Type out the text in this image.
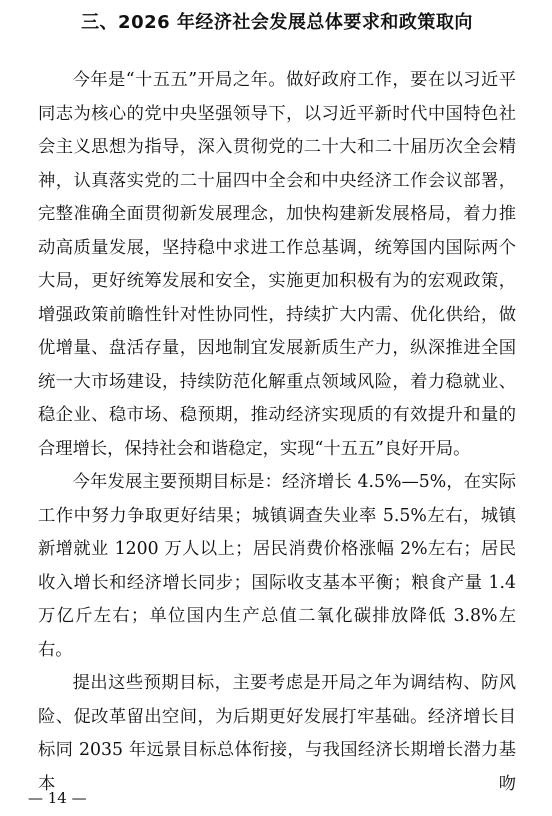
三、2026 年经济社会发展总体要求和政策取向

今年是“十五五”开局之年。做好政府工作，要在以习近平同志为核心的党中央坚强领导下，以习近平新时代中国特色社会主义思想为指导，深入贯彻党的二十大和二十届历次全会精神，认真落实党的二十届四中全会和中央经济工作会议部署，完整准确全面贯彻新发展理念，加快构建新发展格局，着力推动高质量发展，坚持稳中求进工作总基调，统筹国内国际两个大局，更好统筹发展和安全，实施更加积极有为的宏观政策，增强政策前瞻性针对性协同性，持续扩大内需、优化供给，做优增量、盘活存量，因地制宜发展新质生产力，纵深推进全国统一大市场建设，持续防范化解重点领域风险，着力稳就业、稳企业、稳市场、稳预期，推动经济实现质的有效提升和量的合理增长，保持社会和谐稳定，实现“十五五”良好开局。

今年发展主要预期目标是：经济增长 4.5%—5%，在实际工作中努力争取更好结果；城镇调查失业率 5.5%左右，城镇新增就业 1200 万人以上；居民消费价格涨幅 2%左右；居民收入增长和经济增长同步；国际收支基本平衡；粮食产量 1.4 万亿斤左右；单位国内生产总值二氧化碳排放降低 3.8%左右。

提出这些预期目标，主要考虑是开局之年为调结构、防风险、促改革留出空间，为后期更好发展打牢基础。经济增长目标同 2035 年远景目标总体衔接，与我国经济长期增长潜力基本吻

— 14 —
